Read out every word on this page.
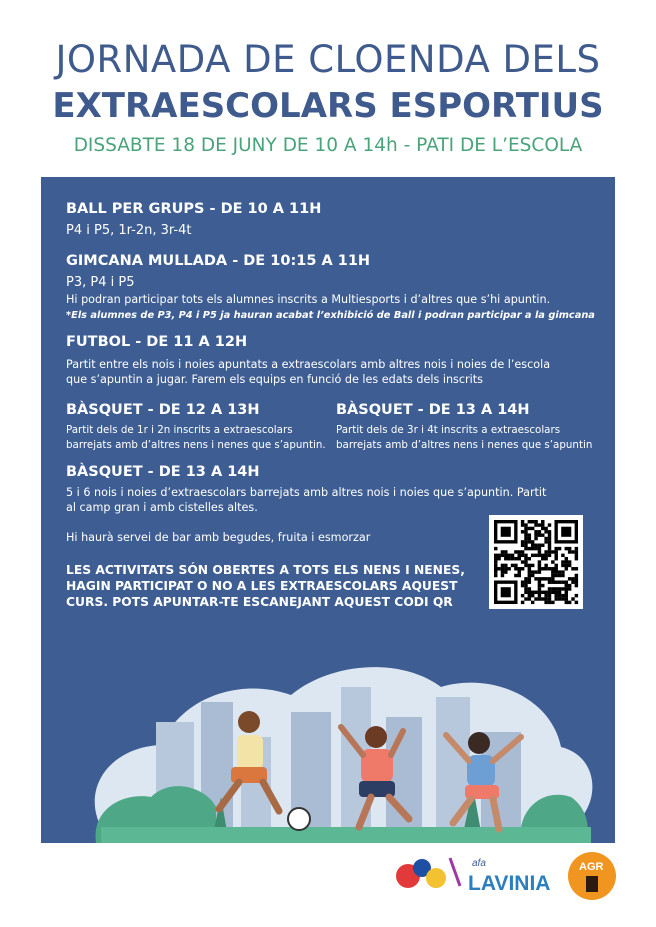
JORNADA DE CLOENDA DELS
EXTRAESCOLARS ESPORTIUS
DISSABTE 18 DE JUNY DE 10 A 14h - PATI DE L’ESCOLA
BALL PER GRUPS - DE 10 A 11H
P4 i P5, 1r-2n, 3r-4t
GIMCANA MULLADA - DE 10:15 A 11H
P3, P4 i P5
Hi podran participar tots els alumnes inscrits a Multiesports i d’altres que s’hi apuntin.
*Els alumnes de P3, P4 i P5 ja hauran acabat l’exhibició de Ball i podran participar a la gimcana
FUTBOL - DE 11 A 12H
Partit entre els nois i noies apuntats a extraescolars amb altres nois i noies de l’escola
que s’apuntin a jugar. Farem els equips en funció de les edats dels inscrits
BÀSQUET - DE 12 A 13H
Partit dels de 1r i 2n inscrits a extraescolars
barrejats amb d’altres nens i nenes que s’apuntin.
BÀSQUET - DE 13 A 14H
Partit dels de 3r i 4t inscrits a extraescolars
barrejats amb d’altres nens i nenes que s’apuntin
BÀSQUET - DE 13 A 14H
5 i 6 nois i noies d’extraescolars barrejats amb altres nois i noies que s’apuntin. Partit
al camp gran i amb cistelles altes.
Hi haurà servei de bar amb begudes, fruita i esmorzar
LES ACTIVITATS SÓN OBERTES A TOTS ELS NENS I NENES, HAGIN PARTICIPAT O NO A LES EXTRAESCOLARS AQUEST CURS. POTS APUNTAR-TE ESCANEJANT AQUEST CODI QR
afa
LAVINIA
AGR
